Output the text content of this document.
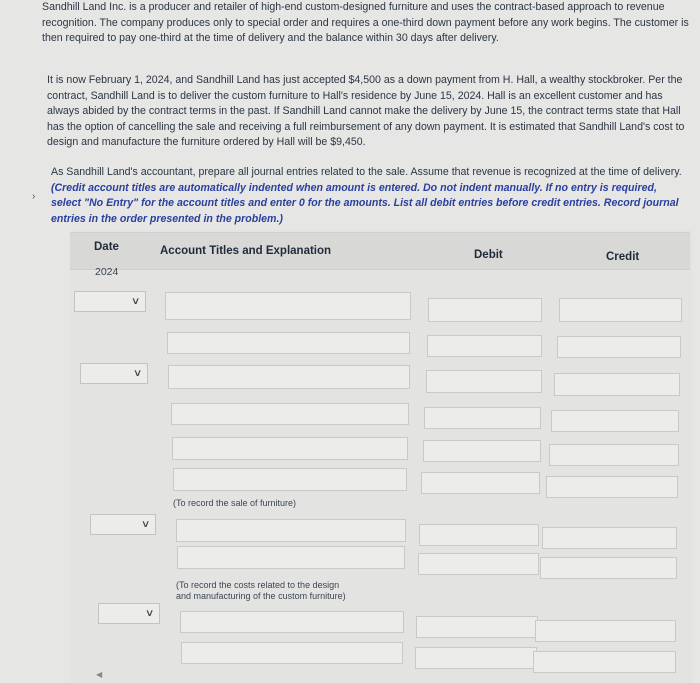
Sandhill Land Inc. is a producer and retailer of high-end custom-designed furniture and uses the contract-based approach to revenue recognition. The company produces only to special order and requires a one-third down payment before any work begins. The customer is then required to pay one-third at the time of delivery and the balance within 30 days after delivery.
It is now February 1, 2024, and Sandhill Land has just accepted $4,500 as a down payment from H. Hall, a wealthy stockbroker. Per the contract, Sandhill Land is to deliver the custom furniture to Hall's residence by June 15, 2024. Hall is an excellent customer and has always abided by the contract terms in the past. If Sandhill Land cannot make the delivery by June 15, the contract terms state that Hall has the option of cancelling the sale and receiving a full reimbursement of any down payment. It is estimated that Sandhill Land's cost to design and manufacture the furniture ordered by Hall will be $9,450.
As Sandhill Land's accountant, prepare all journal entries related to the sale. Assume that revenue is recognized at the time of delivery. (Credit account titles are automatically indented when amount is entered. Do not indent manually. If no entry is required, select "No Entry" for the account titles and enter 0 for the amounts. List all debit entries before credit entries. Record journal entries in the order presented in the problem.)
›
Date	Account Titles and Explanation	Debit	Credit
2024
∨
∨
(To record the sale of furniture)
∨
(To record the costs related to the design
and manufacturing of the custom furniture)
∨
◀
